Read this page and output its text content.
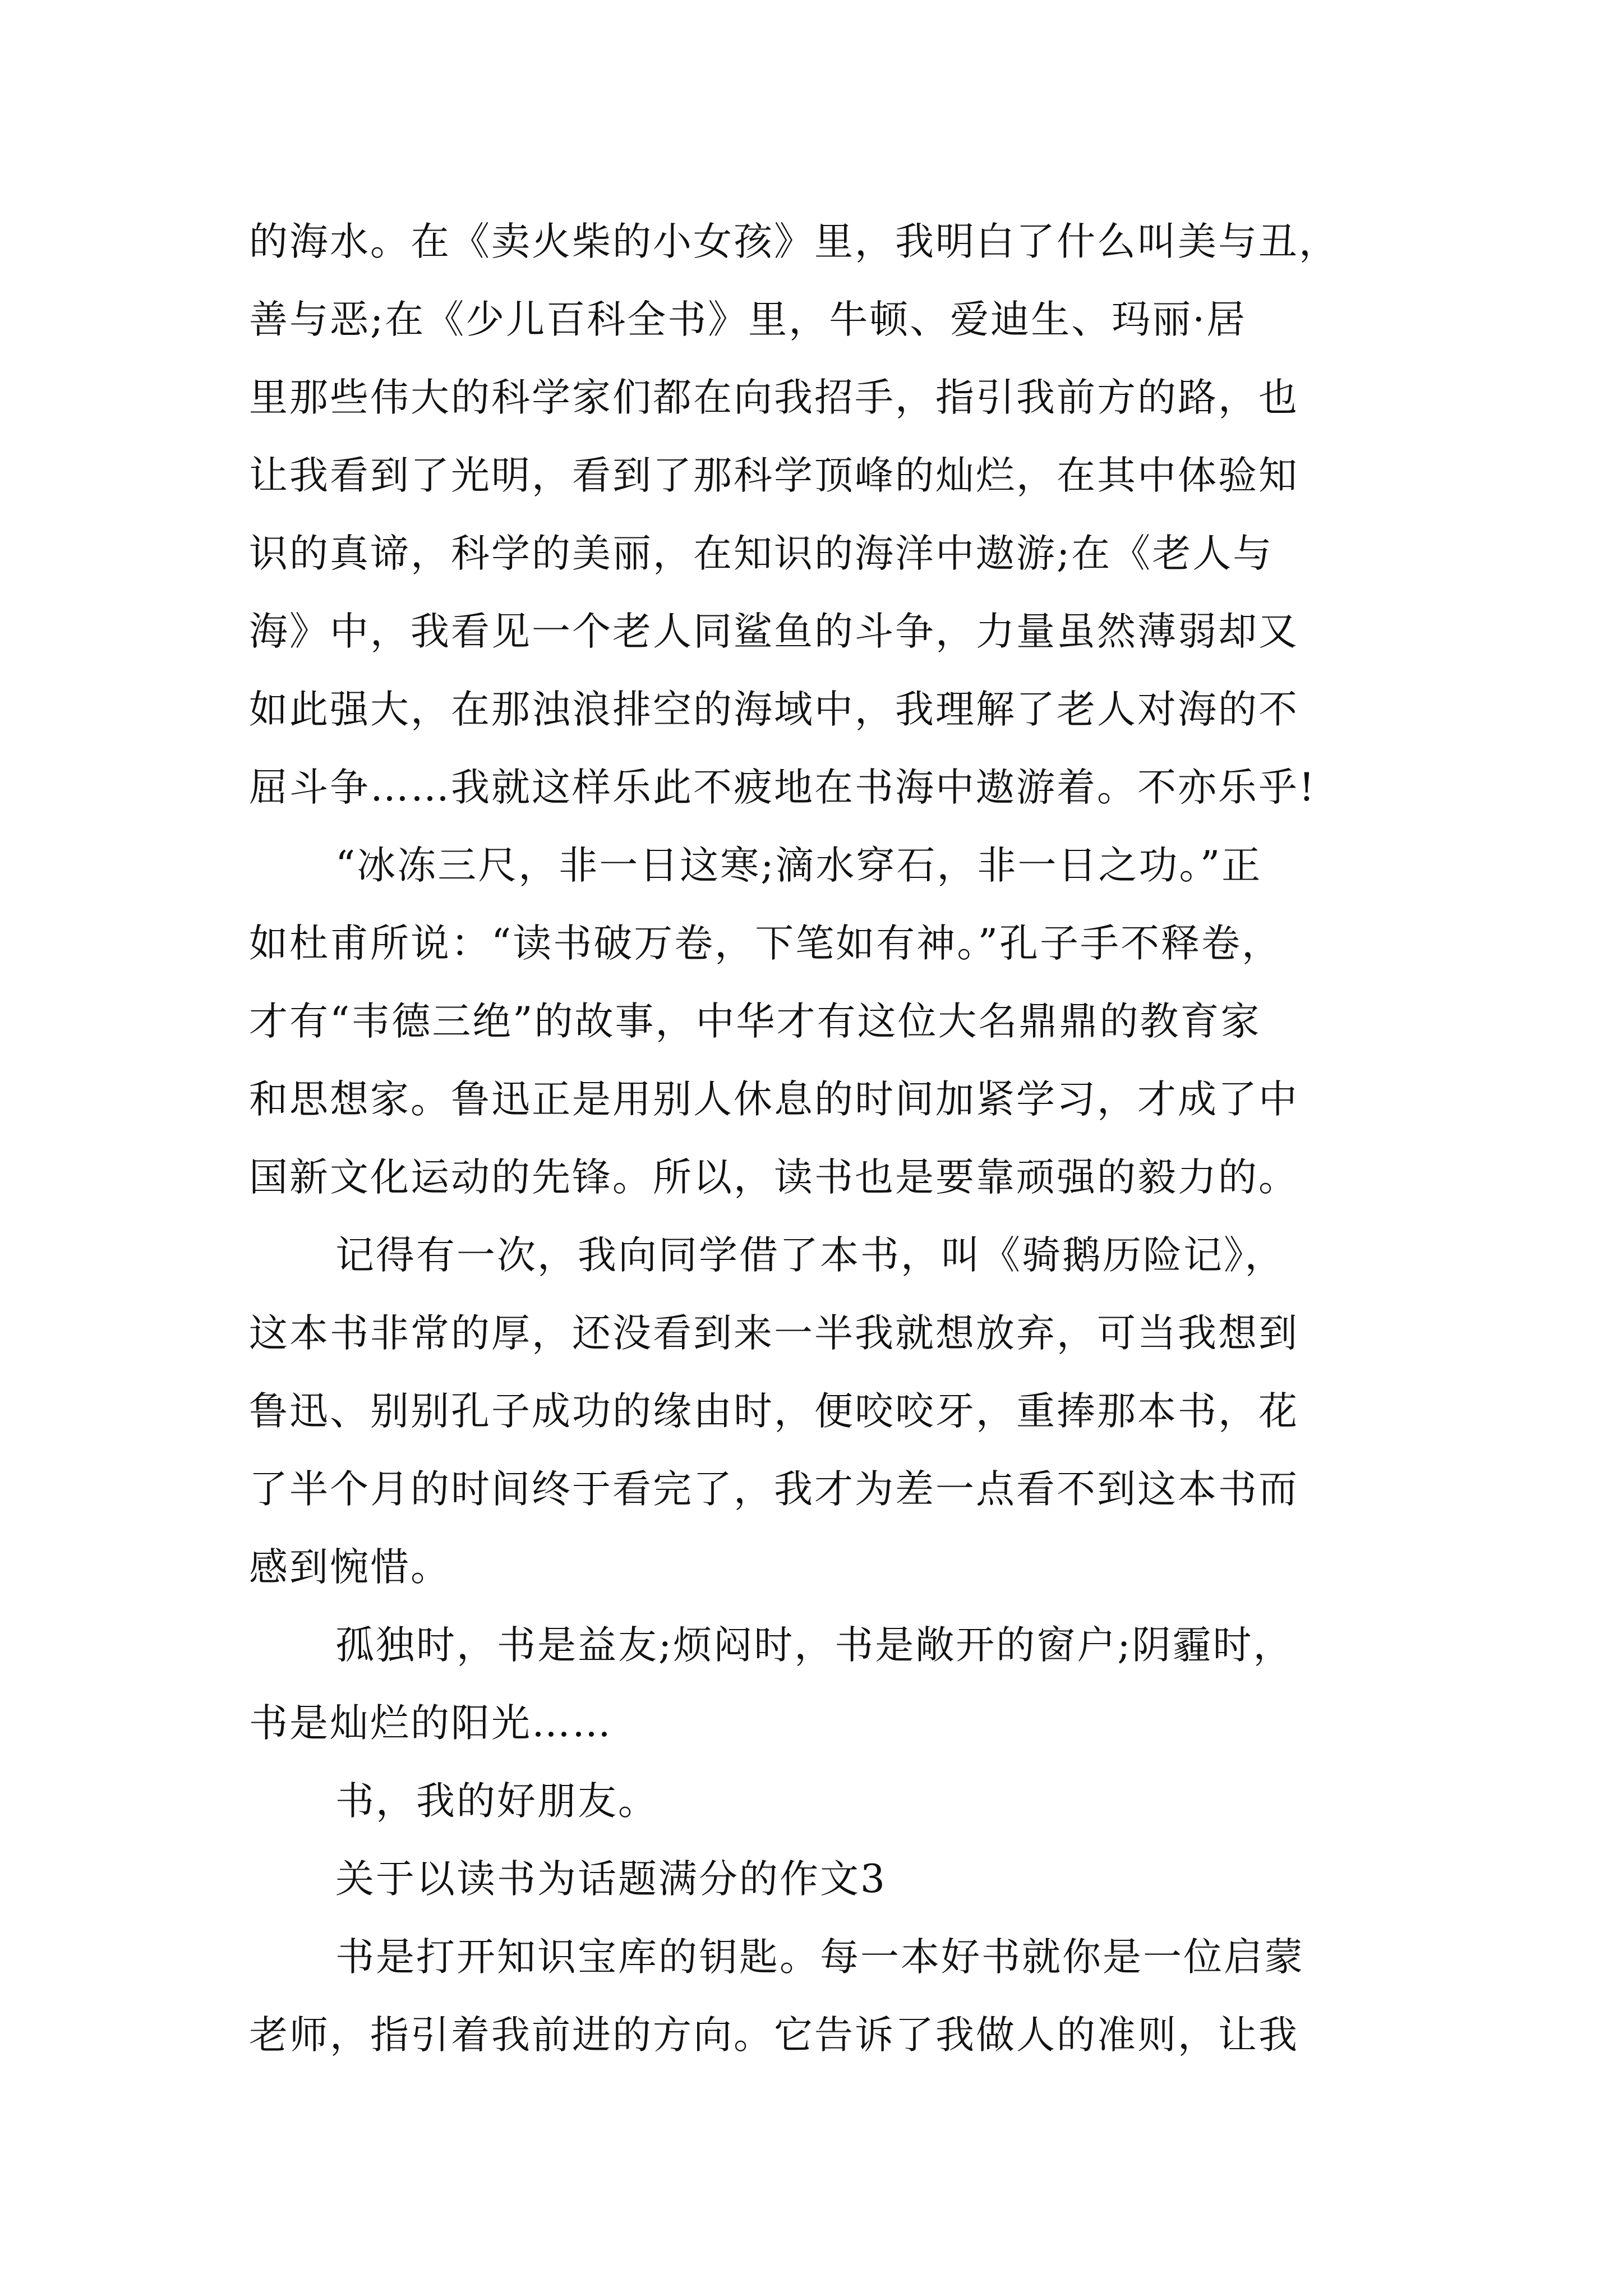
的海水。在《卖火柴的小女孩》里，我明白了什么叫美与丑，
善与恶;在《少儿百科全书》里，牛顿、爱迪生、玛丽·居
里那些伟大的科学家们都在向我招手，指引我前方的路，也
让我看到了光明，看到了那科学顶峰的灿烂，在其中体验知
识的真谛，科学的美丽，在知识的海洋中遨游;在《老人与
海》中，我看见一个老人同鲨鱼的斗争，力量虽然薄弱却又
如此强大，在那浊浪排空的海域中，我理解了老人对海的不
屈斗争……我就这样乐此不疲地在书海中遨游着。不亦乐乎!
“冰冻三尺，非一日这寒;滴水穿石，非一日之功。”正
如杜甫所说：“读书破万卷，下笔如有神。”孔子手不释卷，
才有“韦德三绝”的故事，中华才有这位大名鼎鼎的教育家
和思想家。鲁迅正是用别人休息的时间加紧学习，才成了中
国新文化运动的先锋。所以，读书也是要靠顽强的毅力的。
记得有一次，我向同学借了本书，叫《骑鹅历险记》，
这本书非常的厚，还没看到来一半我就想放弃，可当我想到
鲁迅、别别孔子成功的缘由时，便咬咬牙，重捧那本书，花
了半个月的时间终于看完了，我才为差一点看不到这本书而
感到惋惜。
孤独时，书是益友;烦闷时，书是敞开的窗户;阴霾时，
书是灿烂的阳光……
书，我的好朋友。
关于以读书为话题满分的作文3
书是打开知识宝库的钥匙。每一本好书就你是一位启蒙
老师，指引着我前进的方向。它告诉了我做人的准则，让我
